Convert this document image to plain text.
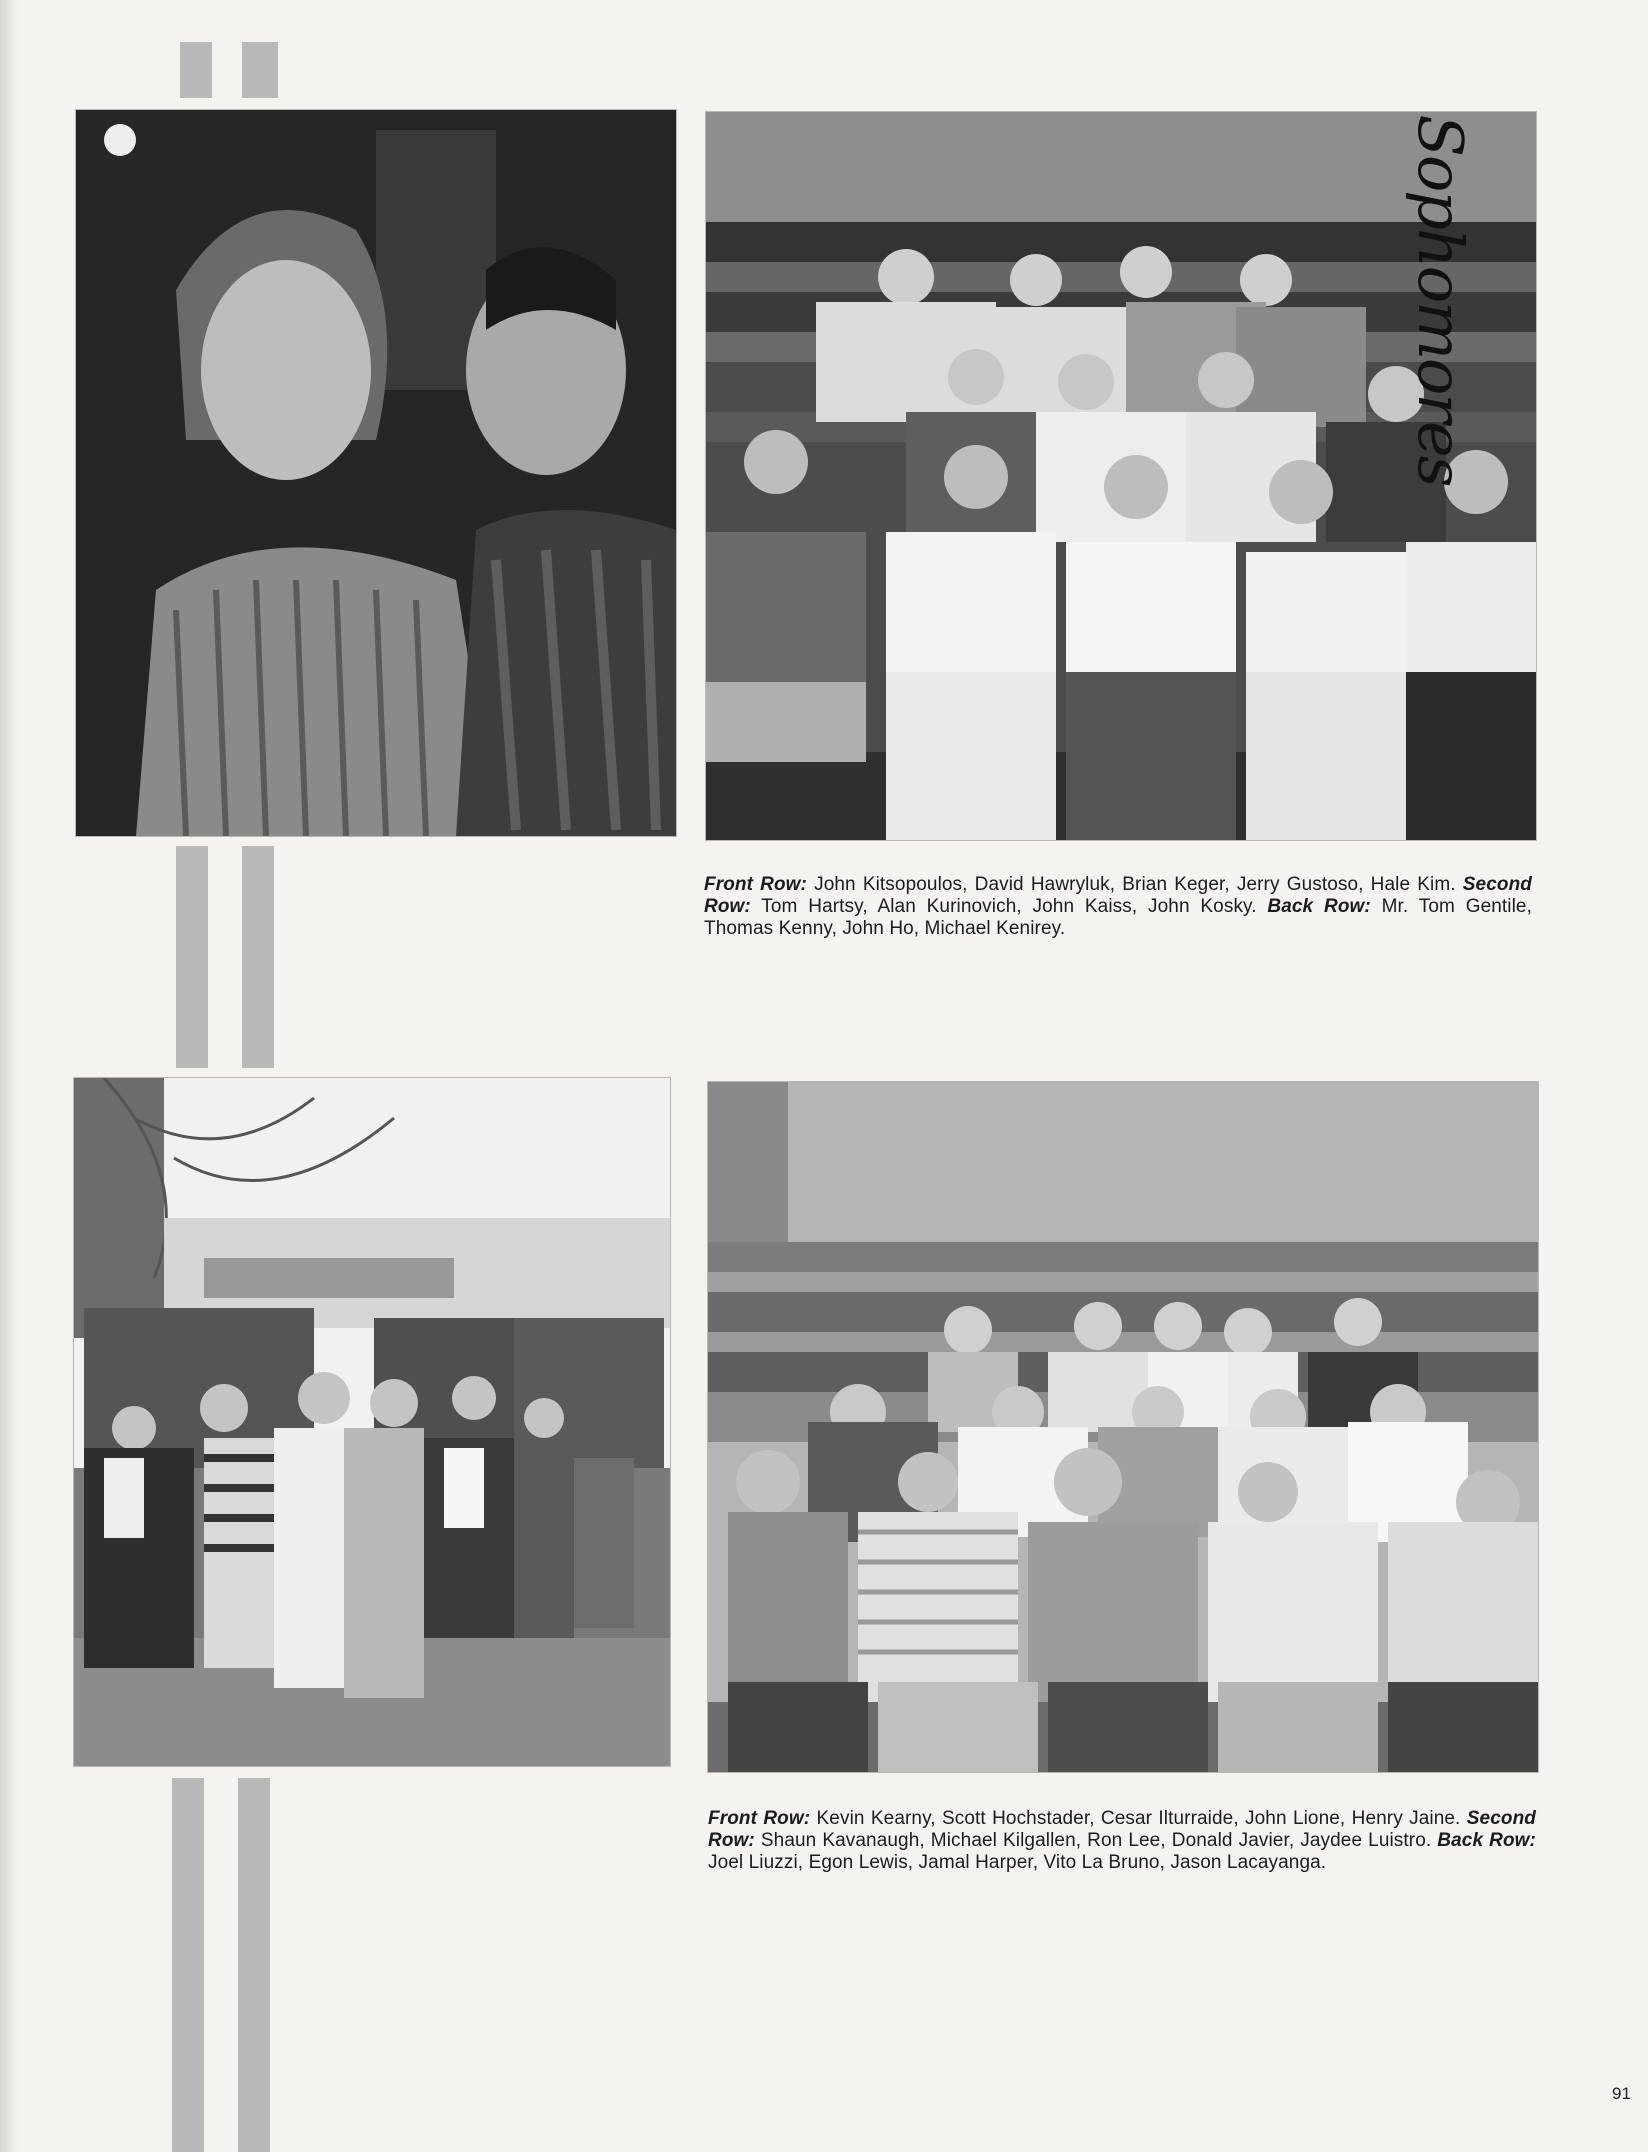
Front Row: John Kitsopoulos, David Hawryluk, Brian Keger, Jerry Gustoso, Hale Kim. Second Row: Tom Hartsy, Alan Kurinovich, John Kaiss, John Kosky. Back Row: Mr. Tom Gentile, Thomas Kenny, John Ho, Michael Kenirey.
Front Row: Kevin Kearny, Scott Hochstader, Cesar Ilturraide, John Lione, Henry Jaine. Second Row: Shaun Kavanaugh, Michael Kilgallen, Ron Lee, Donald Javier, Jaydee Luistro. Back Row: Joel Liuzzi, Egon Lewis, Jamal Harper, Vito La Bruno, Jason Lacayanga.
Sophomores
91
